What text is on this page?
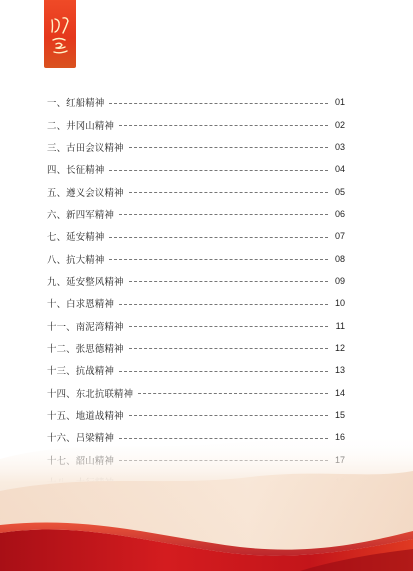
一、红船精神	01
二、井冈山精神	02
三、古田会议精神	03
四、长征精神	04
五、遵义会议精神	05
六、新四军精神	06
七、延安精神	07
八、抗大精神	08
九、延安整风精神	09
十、白求恩精神	10
十一、南泥湾精神	11
十二、张思德精神	12
十三、抗战精神	13
十四、东北抗联精神	14
十五、地道战精神	15
十六、吕梁精神	16
